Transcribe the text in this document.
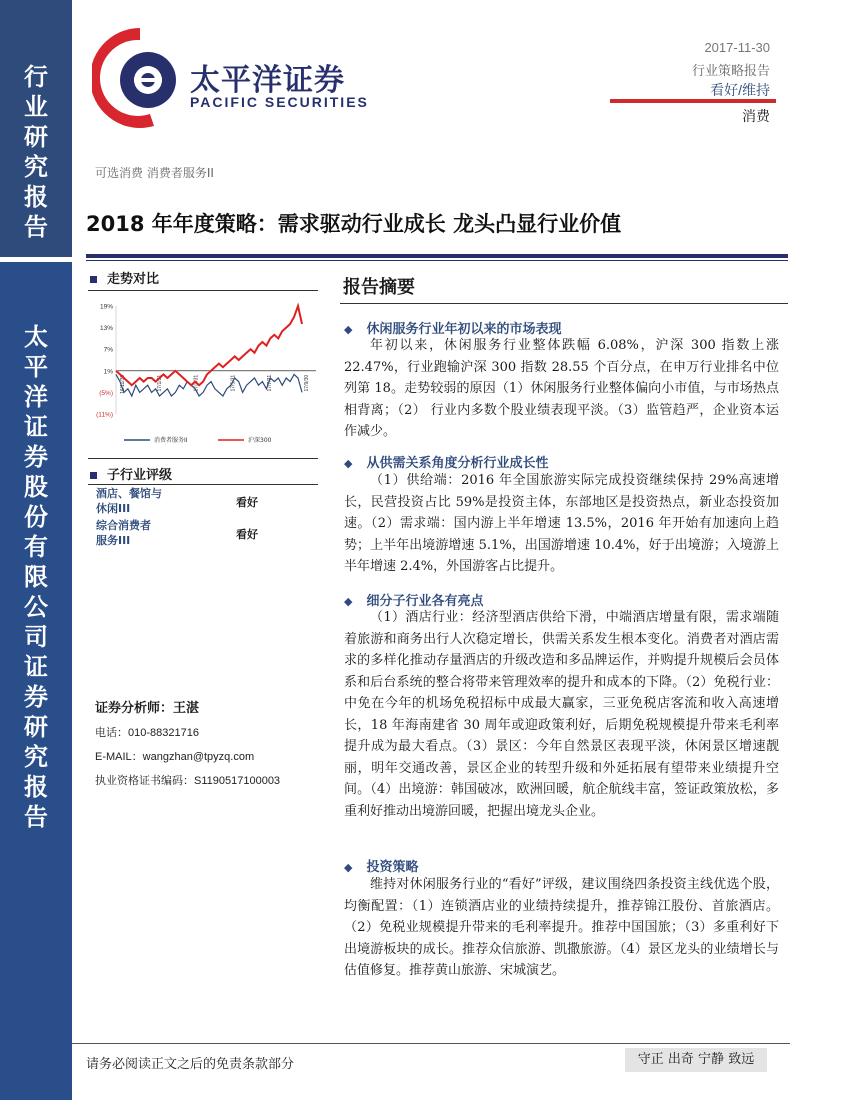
行
业
研
究
报
告
太
平
洋
证
券
股
份
有
限
公
司
证
券
研
究
报
告
太平洋证券
PACIFIC SECURITIES
2017-11-30
行业策略报告
看好/维持
消费
可选消费 消费者服务II
2018 年年度策略：需求驱动行业成长 龙头凸显行业价值
走势对比
19%
13%
7%
1%
(5%)
(11%)
16/11/30	17/1/31	17/3/31	17/5/31	17/7/31	17/9/30
消费者服务II	沪深300
子行业评级
酒店、餐馆与
休闲III	看好
综合消费者
服务III	看好
证券分析师：王湛
电话：010-88321716
E-MAIL：wangzhan@tpyzq.com
执业资格证书编码：S1190517100003
报告摘要
◆ 休闲服务行业年初以来的市场表现
年初以来，休闲服务行业整体跌幅 6.08%，沪深 300 指数上涨 22.47%，行业跑输沪深 300 指数 28.55 个百分点，在申万行业排名中位列第 18。走势较弱的原因（1）休闲服务行业整体偏向小市值，与市场热点相背离；（2） 行业内多数个股业绩表现平淡。（3）监管趋严，企业资本运作减少。
◆ 从供需关系角度分析行业成长性
（1）供给端：2016 年全国旅游实际完成投资继续保持 29%高速增长，民营投资占比 59%是投资主体，东部地区是投资热点，新业态投资加速。（2）需求端：国内游上半年增速 13.5%，2016 年开始有加速向上趋势；上半年出境游增速 5.1%，出国游增速 10.4%，好于出境游；入境游上半年增速 2.4%，外国游客占比提升。
◆ 细分子行业各有亮点
（1）酒店行业：经济型酒店供给下滑，中端酒店增量有限，需求端随着旅游和商务出行人次稳定增长，供需关系发生根本变化。消费者对酒店需求的多样化推动存量酒店的升级改造和多品牌运作，并购提升规模后会员体系和后台系统的整合将带来管理效率的提升和成本的下降。（2）免税行业：中免在今年的机场免税招标中成最大赢家，三亚免税店客流和收入高速增长，18 年海南建省 30 周年或迎政策利好，后期免税规模提升带来毛利率提升成为最大看点。（3）景区：今年自然景区表现平淡，休闲景区增速靓丽，明年交通改善，景区企业的转型升级和外延拓展有望带来业绩提升空间。（4）出境游：韩国破冰，欧洲回暖，航企航线丰富，签证政策放松，多重利好推动出境游回暖，把握出境龙头企业。
◆ 投资策略
维持对休闲服务行业的“看好”评级，建议围绕四条投资主线优选个股，均衡配置：（1）连锁酒店业的业绩持续提升，推荐锦江股份、首旅酒店。（2）免税业规模提升带来的毛利率提升。推荐中国国旅；（3）多重利好下出境游板块的成长。推荐众信旅游、凯撒旅游。（4）景区龙头的业绩增长与估值修复。推荐黄山旅游、宋城演艺。
请务必阅读正文之后的免责条款部分	守正 出奇 宁静 致远
